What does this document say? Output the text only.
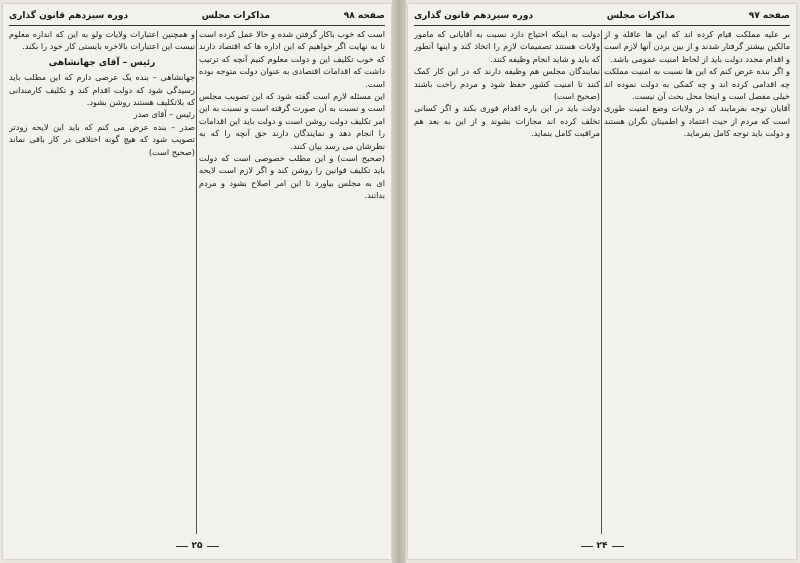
صفحه ۹۸
مذاکرات مجلس
دوره سیزدهم قانون گذاری

است که خوب باکار گرفتن شده و حالا عمل کرده است تا به نهایت اگر خواهیم که این اداره ها که اقتصاد دارند که خوب تکلیف این و دولت معلوم کنیم آنچه که ترتیب داشت که اقدامات اقتصادی به عنوان دولت متوجه بوده است.

این مسئله لازم است گفته شود که این تصویب مجلس است و نسبت به آن صورت گرفته است و نسبت به این امر تکلیف دولت روشن است و دولت باید این اقدامات را انجام دهد و نمایندگان دارند حق آنچه را که به نظرشان می رسد بیان کنند.

(صحیح است) و این مطلب خصوصی است که دولت باید تکلیف قوانین را روشن کند و اگر لازم است لایحه ای به مجلس بیاورد تا این امر اصلاح بشود و مردم بدانند.

و همچنین اعتبارات ولایات ولو به این که اندازه معلوم نیست این اعتبارات بالاخره بایستی کار خود را بکند.

رئیس – آقای جهانشاهی

جهانشاهی – بنده یک عرضی دارم که این مطلب باید رسیدگی شود که دولت اقدام کند و تکلیف کارمندانی که بلاتکلیف هستند روشن بشود.

رئیس – آقای صدر

صدر – بنده عرض می کنم که باید این لایحه زودتر تصویب شود که هیچ گونه اختلافی در کار باقی نماند (صحیح است)

۲۵
صفحه ۹۷
مذاکرات مجلس
دوره سیزدهم قانون گذاری

بر علیه مملکت قیام کرده اند که این ها عاقله و از مالکین بیشتر گرفتار شدند و از بین بردن آنها لازم است و اقدام مجدد دولت باید از لحاظ امنیت عمومی باشد.

و اگر بنده عرض کنم که این ها نسبت به امنیت مملکت چه اقدامی کرده اند و چه کمکی به دولت نموده اند خیلی مفصل است و اینجا محل بحث آن نیست.

آقایان توجه بفرمایند که در ولایات وضع امنیت طوری است که مردم از حیث اعتماد و اطمینان نگران هستند و دولت باید توجه کامل بفرماید.

دولت به اینکه احتیاج دارد نسبت به آقایانی که مامور ولایات هستند تصمیمات لازم را اتخاذ کند و اینها آنطور که باید و شاید انجام وظیفه کنند.

نمایندگان مجلس هم وظیفه دارند که در این کار کمک کنند تا امنیت کشور حفظ شود و مردم راحت باشند (صحیح است)

دولت باید در این باره اقدام فوری بکند و اگر کسانی تخلف کرده اند مجازات بشوند و از این به بعد هم مراقبت کامل بنماید.

۲۴
